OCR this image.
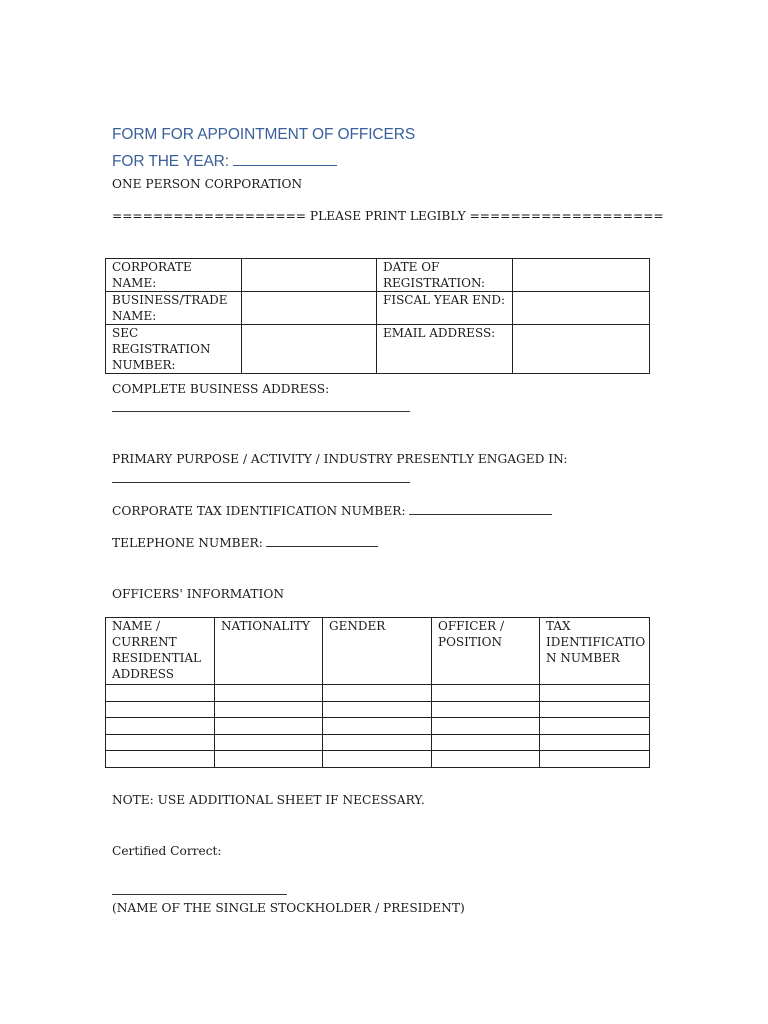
FORM FOR APPOINTMENT OF OFFICERS
FOR THE YEAR:
ONE PERSON CORPORATION
=================== PLEASE PRINT LEGIBLY ===================
CORPORATE NAME:		DATE OF REGISTRATION:	
BUSINESS/TRADE NAME:		FISCAL YEAR END:	
SEC REGISTRATION NUMBER:		EMAIL ADDRESS:	
COMPLETE BUSINESS ADDRESS:
PRIMARY PURPOSE / ACTIVITY / INDUSTRY PRESENTLY ENGAGED IN:
CORPORATE TAX IDENTIFICATION NUMBER:
TELEPHONE NUMBER:
OFFICERS' INFORMATION
NAME / CURRENT RESIDENTIAL ADDRESS	NATIONALITY	GENDER	OFFICER / POSITION	TAX IDENTIFICATIO N NUMBER

NOTE: USE ADDITIONAL SHEET IF NECESSARY.
Certified Correct:
(NAME OF THE SINGLE STOCKHOLDER / PRESIDENT)
